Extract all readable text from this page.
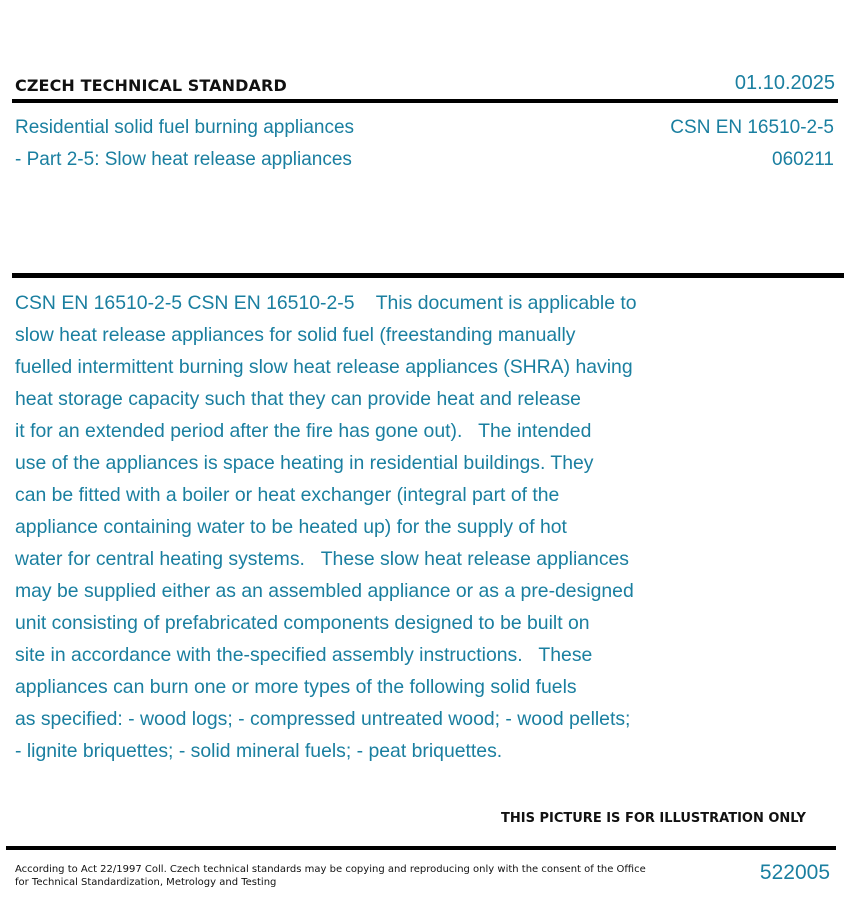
CZECH TECHNICAL STANDARD	01.10.2025
Residential solid fuel burning appliances
- Part 2-5: Slow heat release appliances
CSN EN 16510-2-5
060211
CSN EN 16510-2-5 CSN EN 16510-2-5    This document is applicable to
slow heat release appliances for solid fuel (freestanding manually
fuelled intermittent burning slow heat release appliances (SHRA) having
heat storage capacity such that they can provide heat and release
it for an extended period after the fire has gone out).   The intended
use of the appliances is space heating in residential buildings. They
can be fitted with a boiler or heat exchanger (integral part of the
appliance containing water to be heated up) for the supply of hot
water for central heating systems.   These slow heat release appliances
may be supplied either as an assembled appliance or as a pre-designed
unit consisting of prefabricated components designed to be built on
site in accordance with the-specified assembly instructions.   These
appliances can burn one or more types of the following solid fuels
as specified: - wood logs; - compressed untreated wood; - wood pellets;
- lignite briquettes; - solid mineral fuels; - peat briquettes.
THIS PICTURE IS FOR ILLUSTRATION ONLY
According to Act 22/1997 Coll. Czech technical standards may be copying and reproducing only with the consent of the Office
for Technical Standardization, Metrology and Testing	522005
